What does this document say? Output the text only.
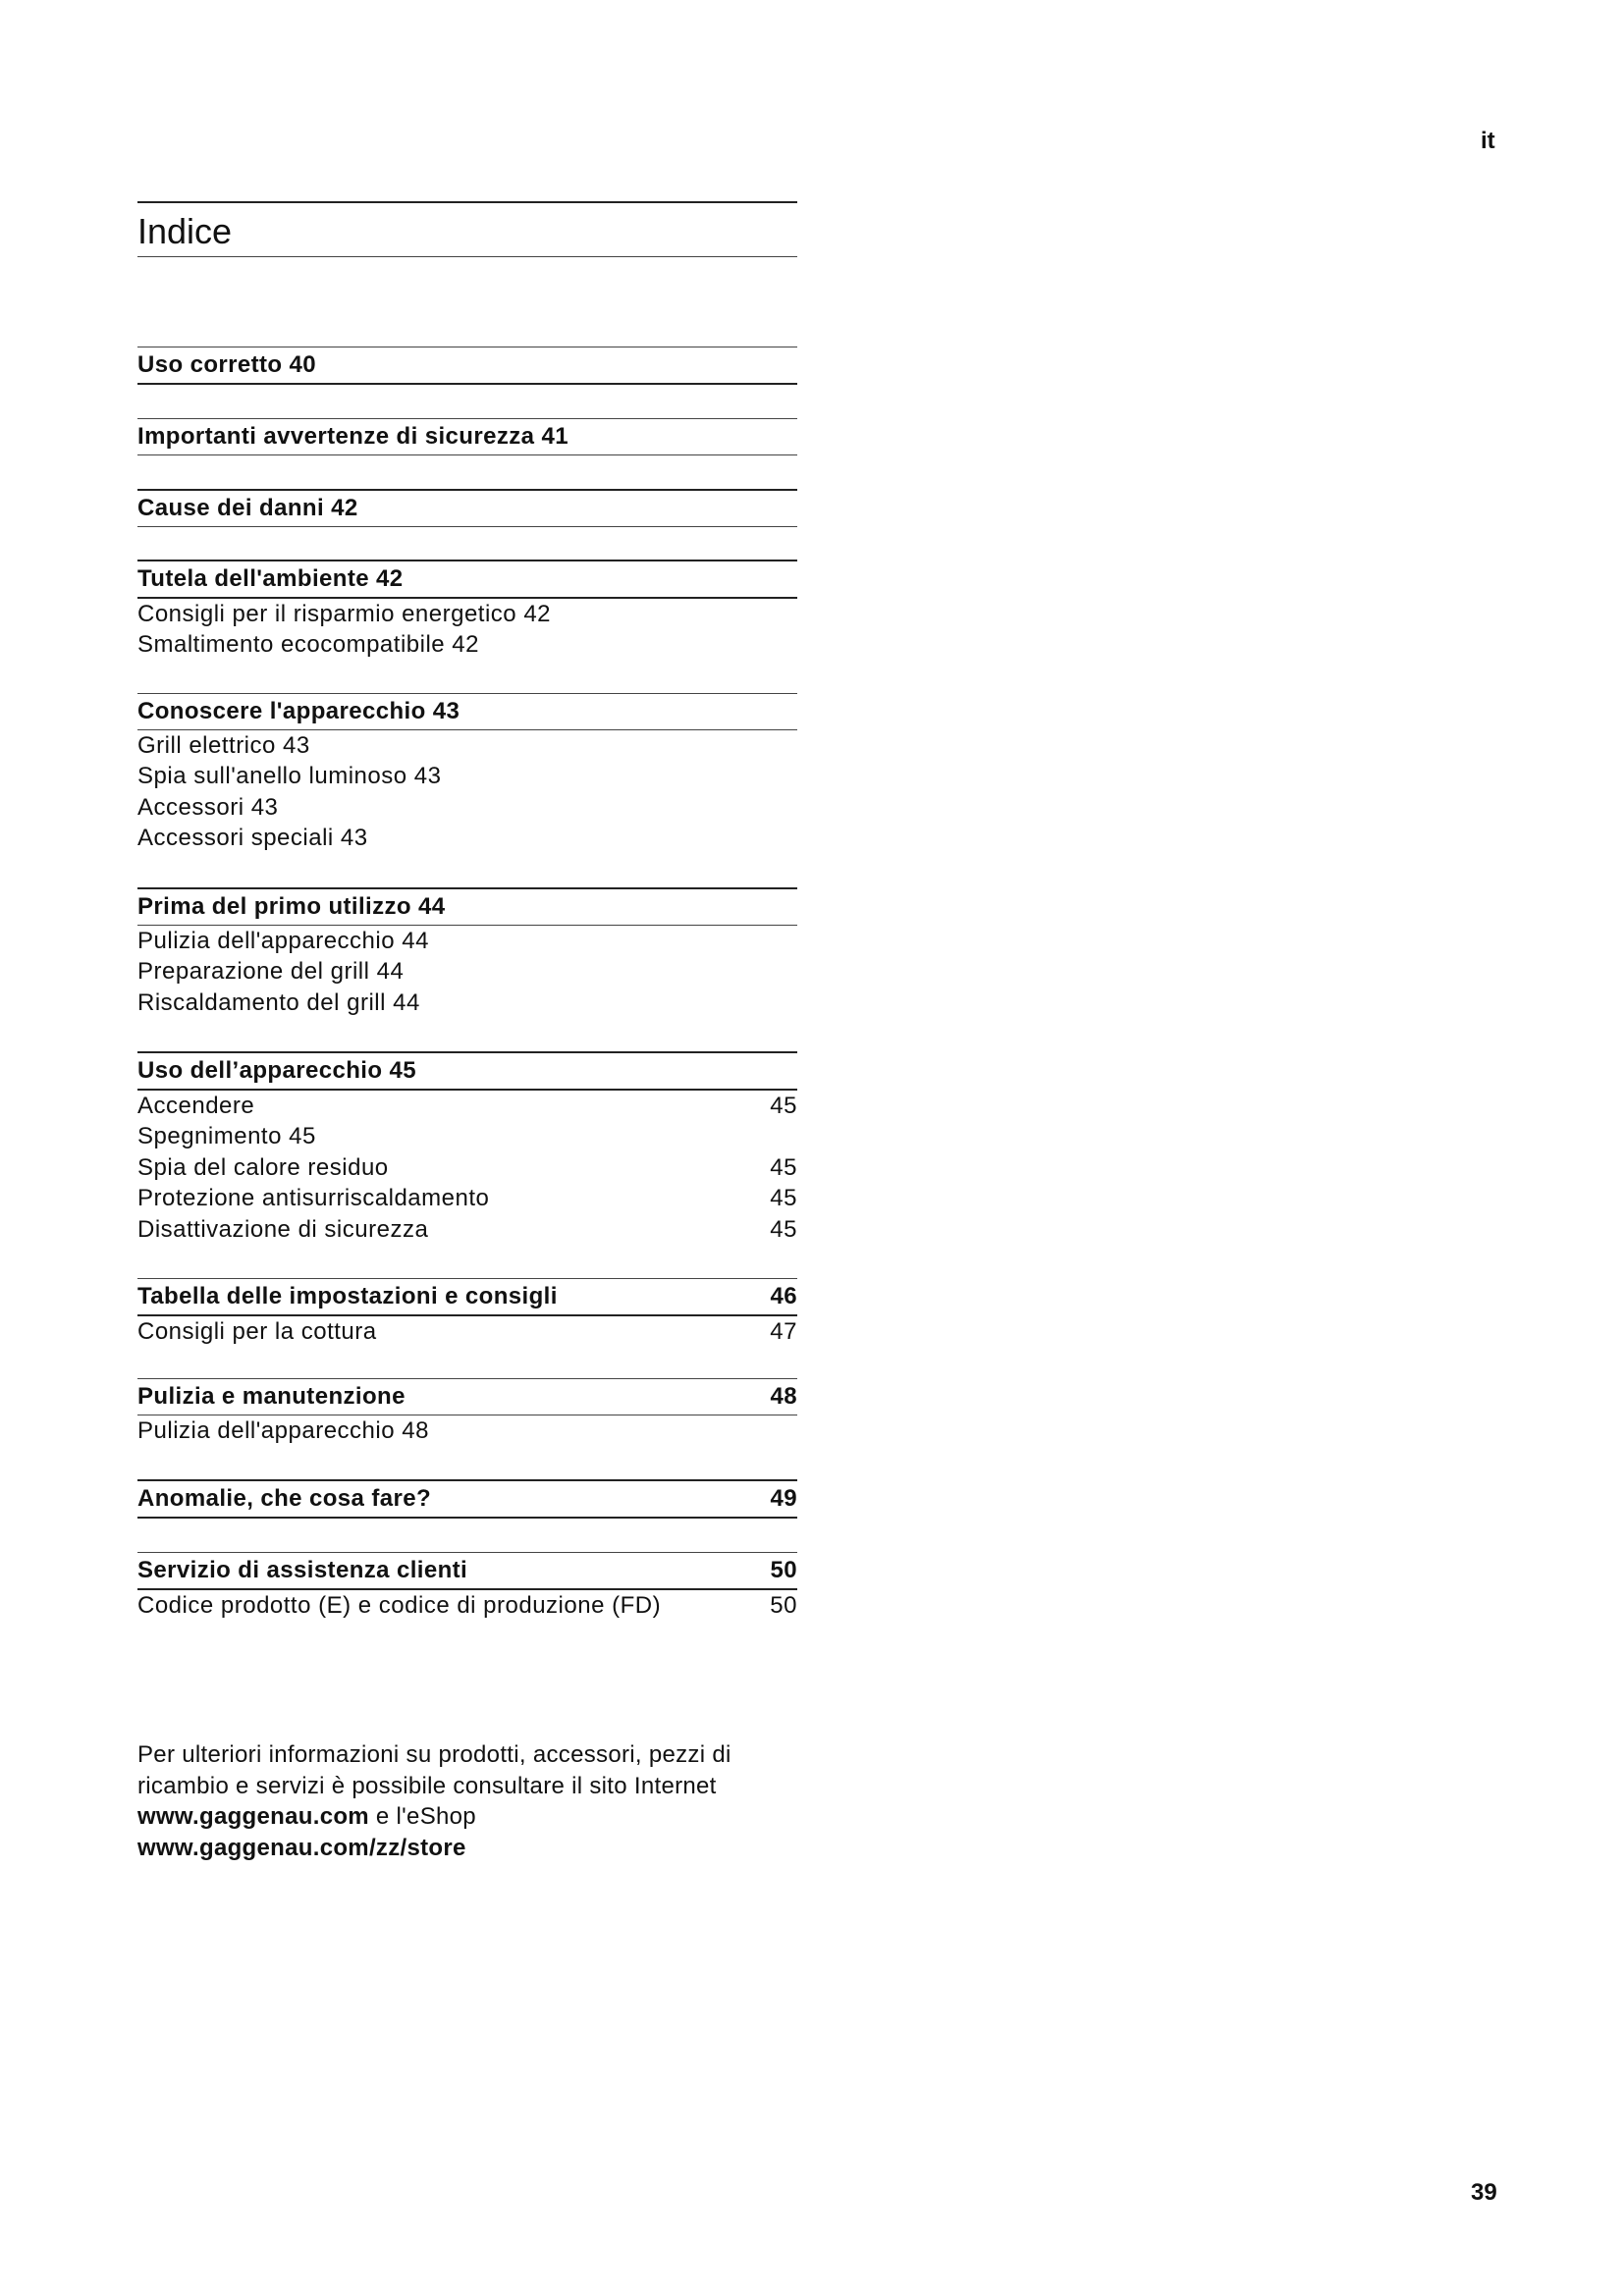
it
Indice
Uso corretto 40
Importanti avvertenze di sicurezza 41
Cause dei danni 42
Tutela dell'ambiente 42
Consigli per il risparmio energetico 42
Smaltimento ecocompatibile 42
Conoscere l'apparecchio 43
Grill elettrico 43
Spia sull'anello luminoso 43
Accessori 43
Accessori speciali 43
Prima del primo utilizzo 44
Pulizia dell'apparecchio 44
Preparazione del grill 44
Riscaldamento del grill 44
Uso dell’apparecchio 45
Accendere	45
Spegnimento 45
Spia del calore residuo	45
Protezione antisurriscaldamento	45
Disattivazione di sicurezza	45
Tabella delle impostazioni e consigli	46
Consigli per la cottura	47
Pulizia e manutenzione	48
Pulizia dell'apparecchio 48
Anomalie, che cosa fare?	49
Servizio di assistenza clienti	50
Codice prodotto (E) e codice di produzione (FD)	50
Per ulteriori informazioni su prodotti, accessori, pezzi di
ricambio e servizi è possibile consultare il sito Internet
www.gaggenau.com e l'eShop
www.gaggenau.com/zz/store
39
